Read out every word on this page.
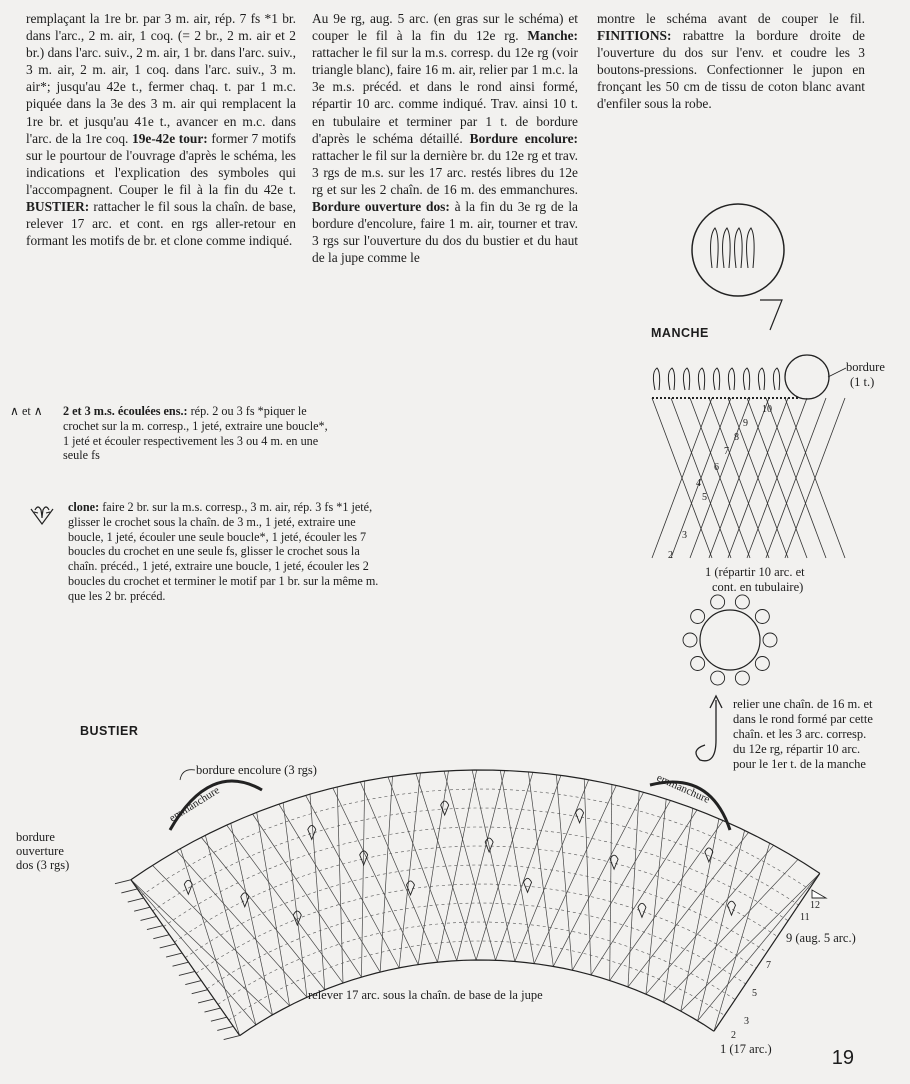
remplaçant la 1re br. par 3 m. air, rép. 7 fs *1 br. dans l'arc., 2 m. air, 1 coq. (= 2 br., 2 m. air et 2 br.) dans l'arc. suiv., 2 m. air, 1 br. dans l'arc. suiv., 3 m. air, 2 m. air, 1 coq. dans l'arc. suiv., 3 m. air*; jusqu'au 42e t., fermer chaq. t. par 1 m.c. piquée dans la 3e des 3 m. air qui remplacent la 1re br. et jusqu'au 41e t., avancer en m.c. dans l'arc. de la 1re coq. 19e-42e tour: former 7 motifs sur le pourtour de l'ouvrage d'après le schéma, les indications et l'explication des symboles qui l'accompagnent. Couper le fil à la fin du 42e t. BUSTIER: rattacher le fil sous la chaîn. de base, relever 17 arc. et cont. en rgs aller-retour en formant les motifs de br. et clone comme indiqué.
Au 9e rg, aug. 5 arc. (en gras sur le schéma) et couper le fil à la fin du 12e rg. Manche: rattacher le fil sur la m.s. corresp. du 12e rg (voir triangle blanc), faire 16 m. air, relier par 1 m.c. la 3e m.s. précéd. et dans le rond ainsi formé, répartir 10 arc. comme indiqué. Trav. ainsi 10 t. en tubulaire et terminer par 1 t. de bordure d'après le schéma détaillé. Bordure encolure: rattacher le fil sur la dernière br. du 12e rg et trav. 3 rgs de m.s. sur les 17 arc. restés libres du 12e rg et sur les 2 chaîn. de 16 m. des emmanchures. Bordure ouverture dos: à la fin du 3e rg de la bordure d'encolure, faire 1 m. air, tourner et trav. 3 rgs sur l'ouverture du dos du bustier et du haut de la jupe comme le
montre le schéma avant de couper le fil. FINITIONS: rabattre la bordure droite de l'ouverture du dos sur l'env. et coudre les 3 boutons-pressions. Confectionner le jupon en fronçant les 50 cm de tissu de coton blanc avant d'enfiler sous la robe.
∧ et ∧	2 et 3 m.s. écoulées ens.: rép. 2 ou 3 fs *piquer le crochet sur la m. corresp., 1 jeté, extraire une boucle*, 1 jeté et écouler respectivement les 3 ou 4 m. en une seule fs
clone: faire 2 br. sur la m.s. corresp., 3 m. air, rép. 3 fs *1 jeté, glisser le crochet sous la chaîn. de 3 m., 1 jeté, extraire une boucle, 1 jeté, écouler une seule boucle*, 1 jeté, écouler les 7 boucles du crochet en une seule fs, glisser le crochet sous la chaîn. précéd., 1 jeté, extraire une boucle, 1 jeté, écouler les 2 boucles du crochet et terminer le motif par 1 br. sur la même m. que les 2 br. précéd.
MANCHE
bordure
(1 t.)
1 (répartir 10 arc. et
cont. en tubulaire)
relier une chaîn. de 16 m. et
dans le rond formé par cette
chaîn. et les 3 arc. corresp.
du 12e rg, répartir 10 arc.
pour le 1er t. de la manche
BUSTIER
bordure encolure (3 rgs)
bordure
ouverture
dos (3 rgs)
relever 17 arc. sous la chaîn. de base de la jupe
9 (aug. 5 arc.)
1 (17 arc.)	19
10
9
8
7
6
5
4
3
2
emmanchure	emmanchure
12
11
7
5
3
2
